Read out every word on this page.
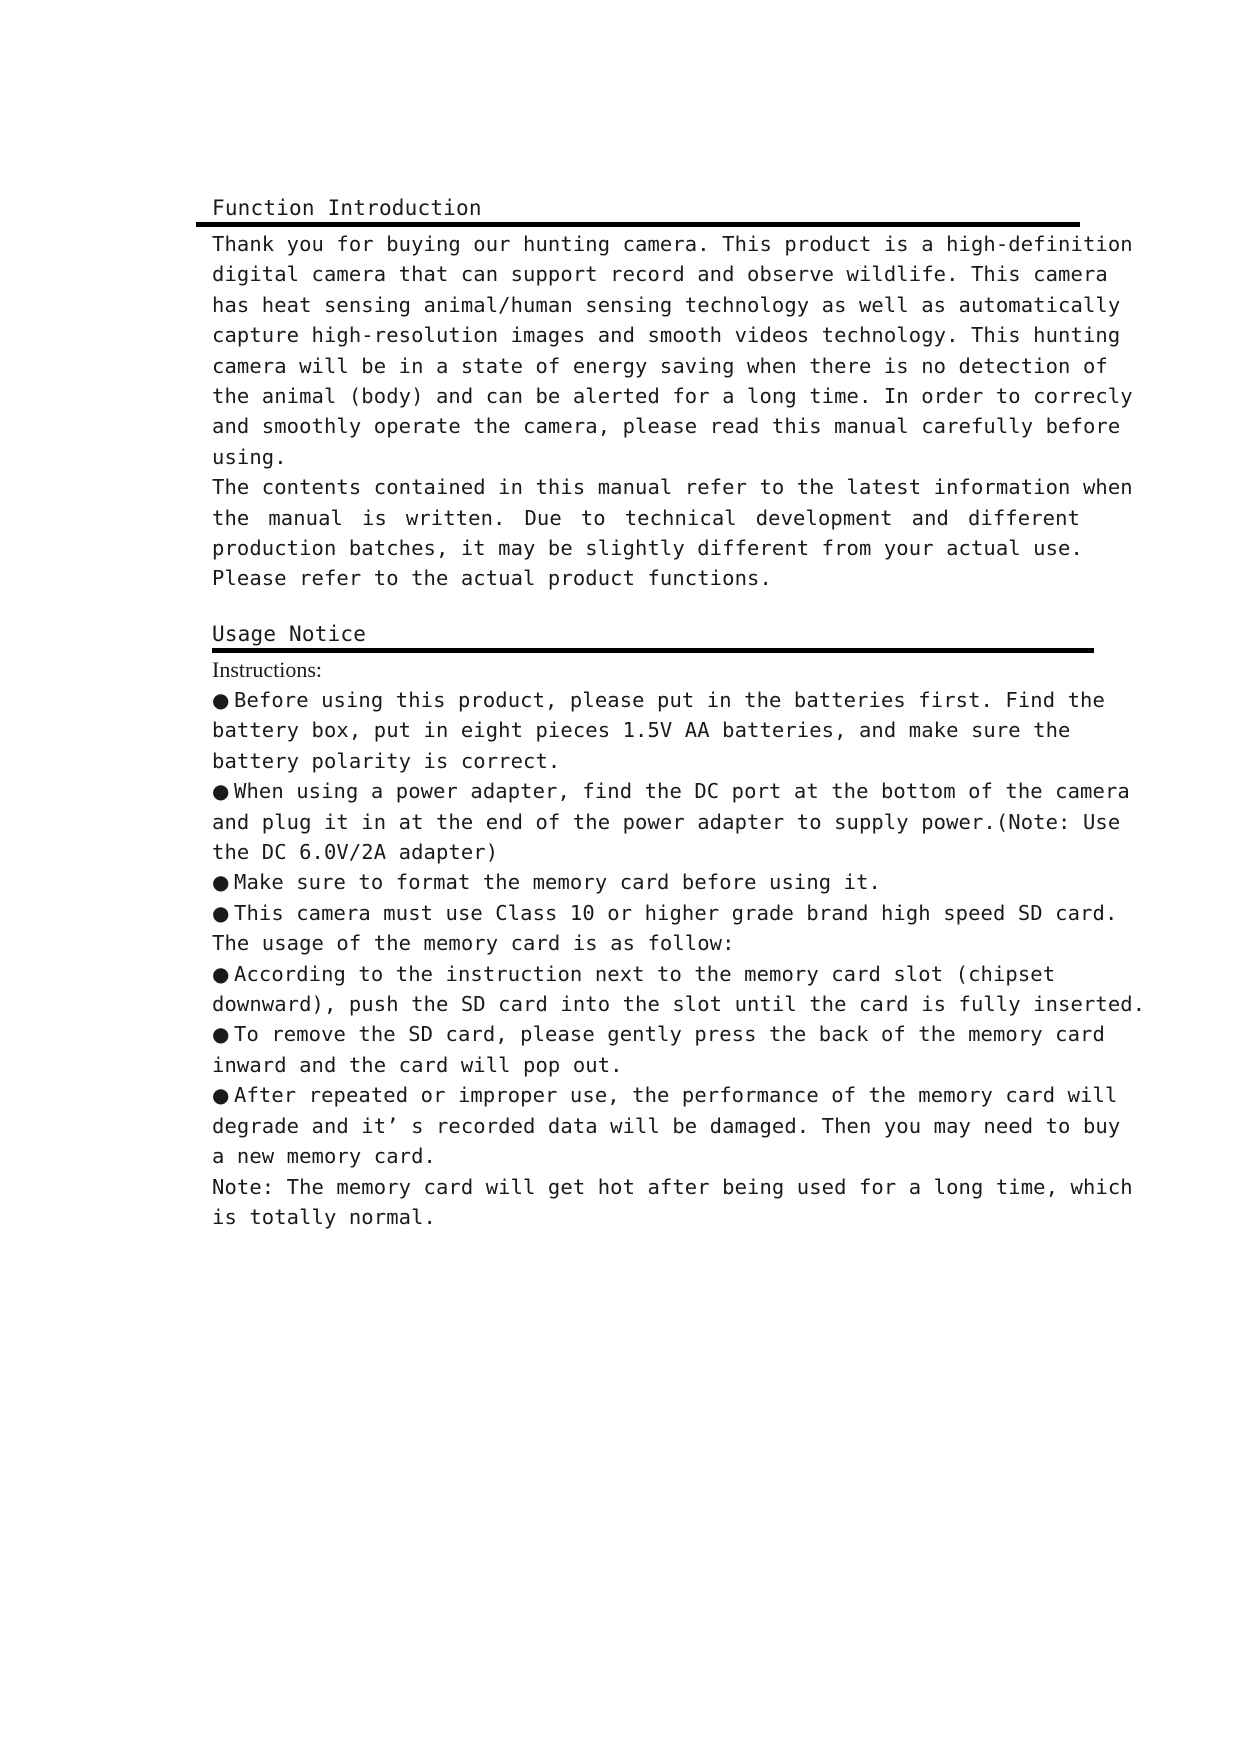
Function Introduction

Thank you for buying our hunting camera. This product is a high-definition

digital camera that can support record and observe wildlife. This camera

has heat sensing animal/human sensing technology as well as automatically

capture high-resolution images and smooth videos technology. This hunting

camera will be in a state of energy saving when there is no detection of

the animal (body) and can be alerted for a long time. In order to correcly

and smoothly operate the camera, please read this manual carefully before

using.

The contents contained in this manual refer to the latest information when

the manual is written. Due to technical development and different

production batches, it may be slightly different from your actual use.

Please refer to the actual product functions.

Usage Notice

Instructions:

● Before using this product, please put in the batteries first. Find the

battery box, put in eight pieces 1.5V AA batteries, and make sure the

battery polarity is correct.

● When using a power adapter, find the DC port at the bottom of the camera

and plug it in at the end of the power adapter to supply power.(Note: Use

the DC 6.0V/2A adapter)

● Make sure to format the memory card before using it.

● This camera must use Class 10 or higher grade brand high speed SD card.

The usage of the memory card is as follow:

● According to the instruction next to the memory card slot (chipset

downward), push the SD card into the slot until the card is fully inserted.

● To remove the SD card, please gently press the back of the memory card

inward and the card will pop out.

● After repeated or improper use, the performance of the memory card will

degrade and it’ s recorded data will be damaged. Then you may need to buy

a new memory card.

Note: The memory card will get hot after being used for a long time, which

is totally normal.
